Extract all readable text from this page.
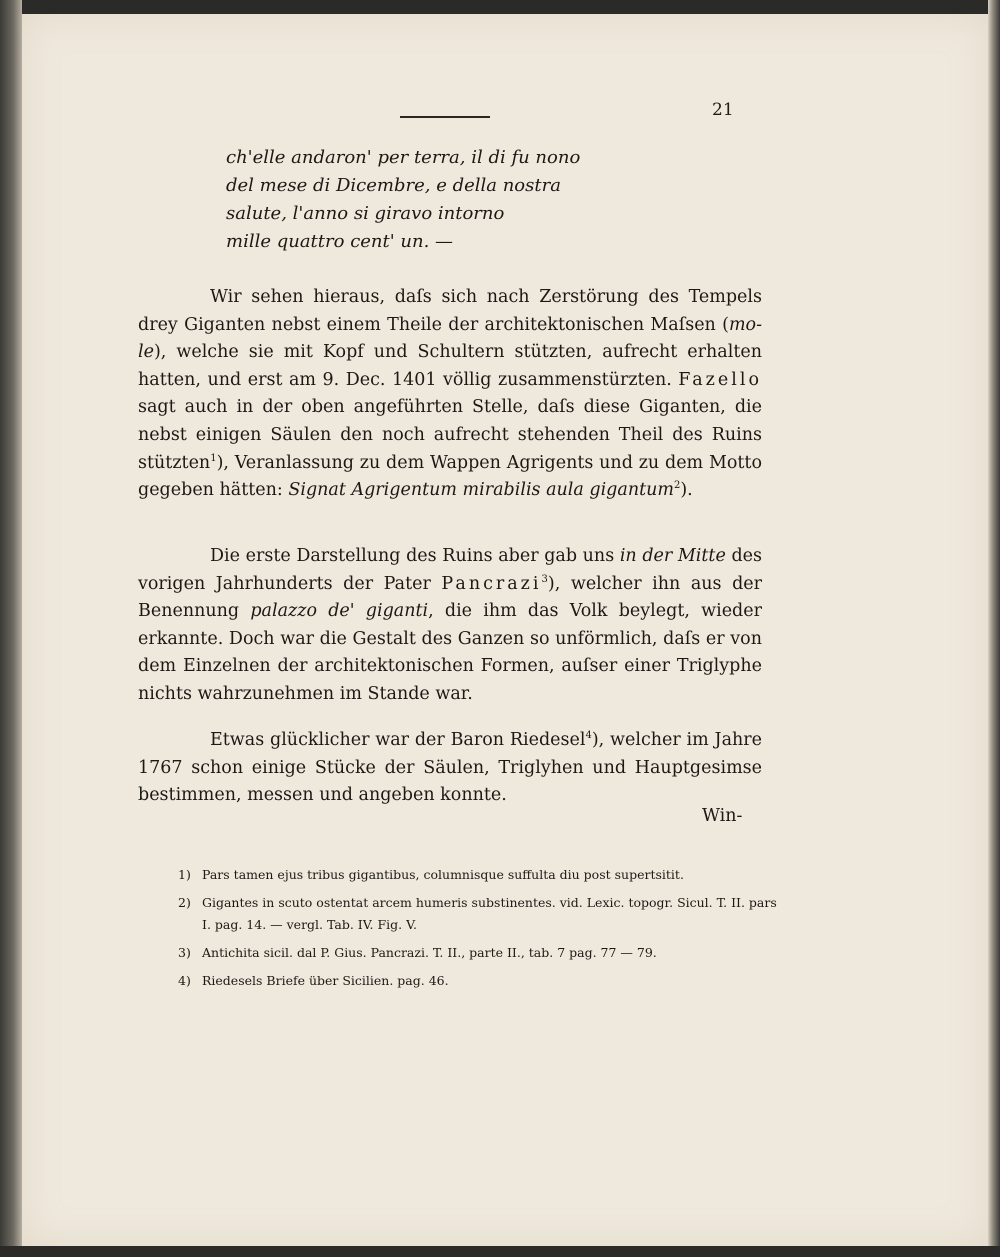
21
ch'elle andaron' per terra, il di fu nono
del mese di Dicembre, e della nostra
salute, l'anno si giravo intorno
mille quattro cent' un. —
Wir sehen hieraus, daſs sich nach Zerstörung des Tempels drey Giganten nebst einem Theile der architektonischen Maſsen (mo-le), welche sie mit Kopf und Schultern stützten, aufrecht erhalten hatten, und erst am 9. Dec. 1401 völlig zusammenstürzten. Fazello sagt auch in der oben angeführten Stelle, daſs diese Giganten, die nebst einigen Säulen den noch aufrecht stehenden Theil des Ruins stützten$^1$), Veranlassung zu dem Wappen Agrigents und zu dem Motto gegeben hätten: Signat Agrigentum mirabilis aula gigantum$^2$).
Die erste Darstellung des Ruins aber gab uns in der Mitte des vorigen Jahrhunderts der Pater Pancrazi$^3$), welcher ihn aus der Benennung palazzo de' giganti, die ihm das Volk beylegt, wieder erkannte. Doch war die Gestalt des Ganzen so unförmlich, daſs er von dem Einzelnen der architektonischen Formen, auſser einer Triglyphe nichts wahrzunehmen im Stande war.
Etwas glücklicher war der Baron Riedesel$^4$), welcher im Jahre 1767 schon einige Stücke der Säulen, Triglyhen und Hauptgesimse bestimmen, messen und angeben konnte.
Win-
1) Pars tamen ejus tribus gigantibus, columnisque suffulta diu post supertsitit.
2) Gigantes in scuto ostentat arcem humeris substinentes. vid. Lexic. topogr. Sicul. T. II. pars I. pag. 14. — vergl. Tab. IV. Fig. V.
3) Antichita sicil. dal P. Gius. Pancrazi. T. II., parte II., tab. 7 pag. 77 — 79.
4) Riedesels Briefe über Sicilien. pag. 46.
